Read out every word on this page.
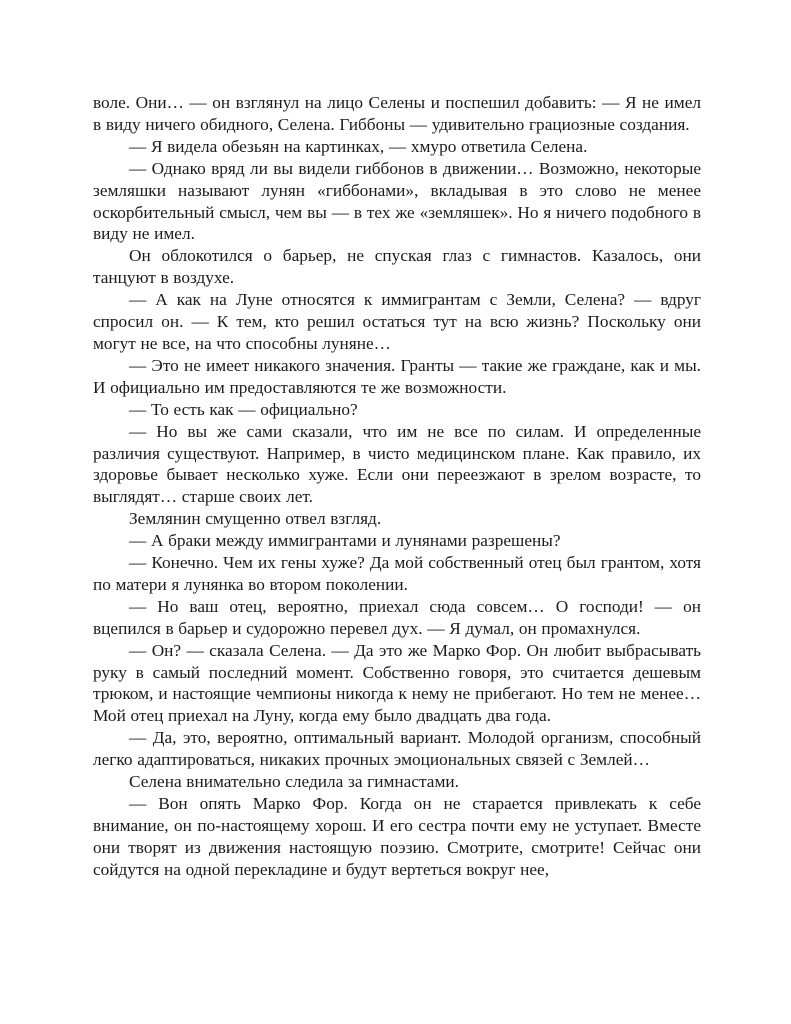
воле. Они… — он взглянул на лицо Селены и поспешил добавить: — Я не имел в виду ничего обидного, Селена. Гиббоны — удивительно грациозные создания.

— Я видела обезьян на картинках, — хмуро ответила Селена.

— Однако вряд ли вы видели гиббонов в движении… Возможно, некоторые земляшки называют лунян «гиббонами», вкладывая в это слово не менее оскорбительный смысл, чем вы — в тех же «земляшек». Но я ничего подобного в виду не имел.

Он облокотился о барьер, не спуская глаз с гимнастов. Казалось, они танцуют в воздухе.

— А как на Луне относятся к иммигрантам с Земли, Селена? — вдруг спросил он. — К тем, кто решил остаться тут на всю жизнь? Поскольку они могут не все, на что способны луняне…

— Это не имеет никакого значения. Гранты — такие же граждане, как и мы. И официально им предоставляются те же возможности.

— То есть как — официально?

— Но вы же сами сказали, что им не все по силам. И определенные различия существуют. Например, в чисто медицинском плане. Как правило, их здоровье бывает несколько хуже. Если они переезжают в зрелом возрасте, то выглядят… старше своих лет.

Землянин смущенно отвел взгляд.

— А браки между иммигрантами и лунянами разрешены?

— Конечно. Чем их гены хуже? Да мой собственный отец был грантом, хотя по матери я лунянка во втором поколении.

— Но ваш отец, вероятно, приехал сюда совсем… О господи! — он вцепился в барьер и судорожно перевел дух. — Я думал, он промахнулся.

— Он? — сказала Селена. — Да это же Марко Фор. Он любит выбрасывать руку в самый последний момент. Собственно говоря, это считается дешевым трюком, и настоящие чемпионы никогда к нему не прибегают. Но тем не менее… Мой отец приехал на Луну, когда ему было двадцать два года.

— Да, это, вероятно, оптимальный вариант. Молодой организм, способный легко адаптироваться, никаких прочных эмоциональных связей с Землей…

Селена внимательно следила за гимнастами.

— Вон опять Марко Фор. Когда он не старается привлекать к себе внимание, он по-настоящему хорош. И его сестра почти ему не уступает. Вместе они творят из движения настоящую поэзию. Смотрите, смотрите! Сейчас они сойдутся на одной перекладине и будут вертеться вокруг нее,
